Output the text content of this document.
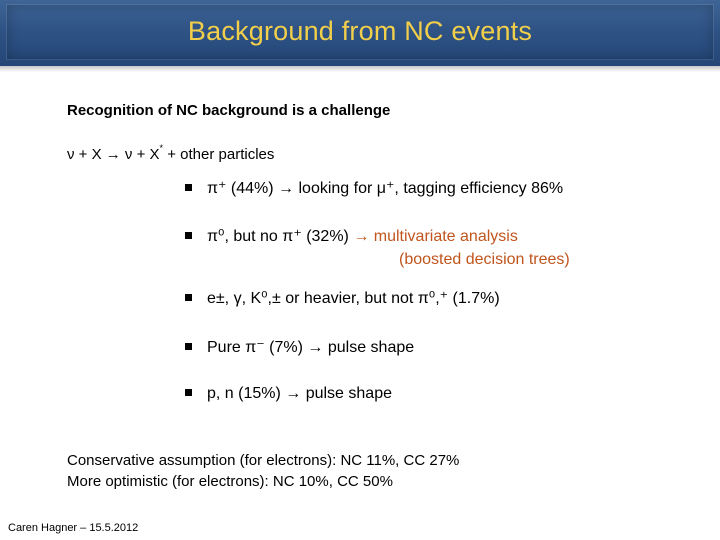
Background from NC events
Recognition of NC background is a challenge
ν + X → ν + X* + other particles
π⁺ (44%) → looking for μ⁺, tagging efficiency 86%
π⁰, but no π⁺ (32%) → multivariate analysis
(boosted decision trees)
e±, γ, K⁰,± or heavier, but not π⁰,⁺ (1.7%)
Pure π⁻ (7%) → pulse shape
p, n (15%) → pulse shape
Conservative assumption (for electrons): NC 11%, CC 27%
More optimistic (for electrons): NC 10%, CC 50%
Caren Hagner – 15.5.2012
